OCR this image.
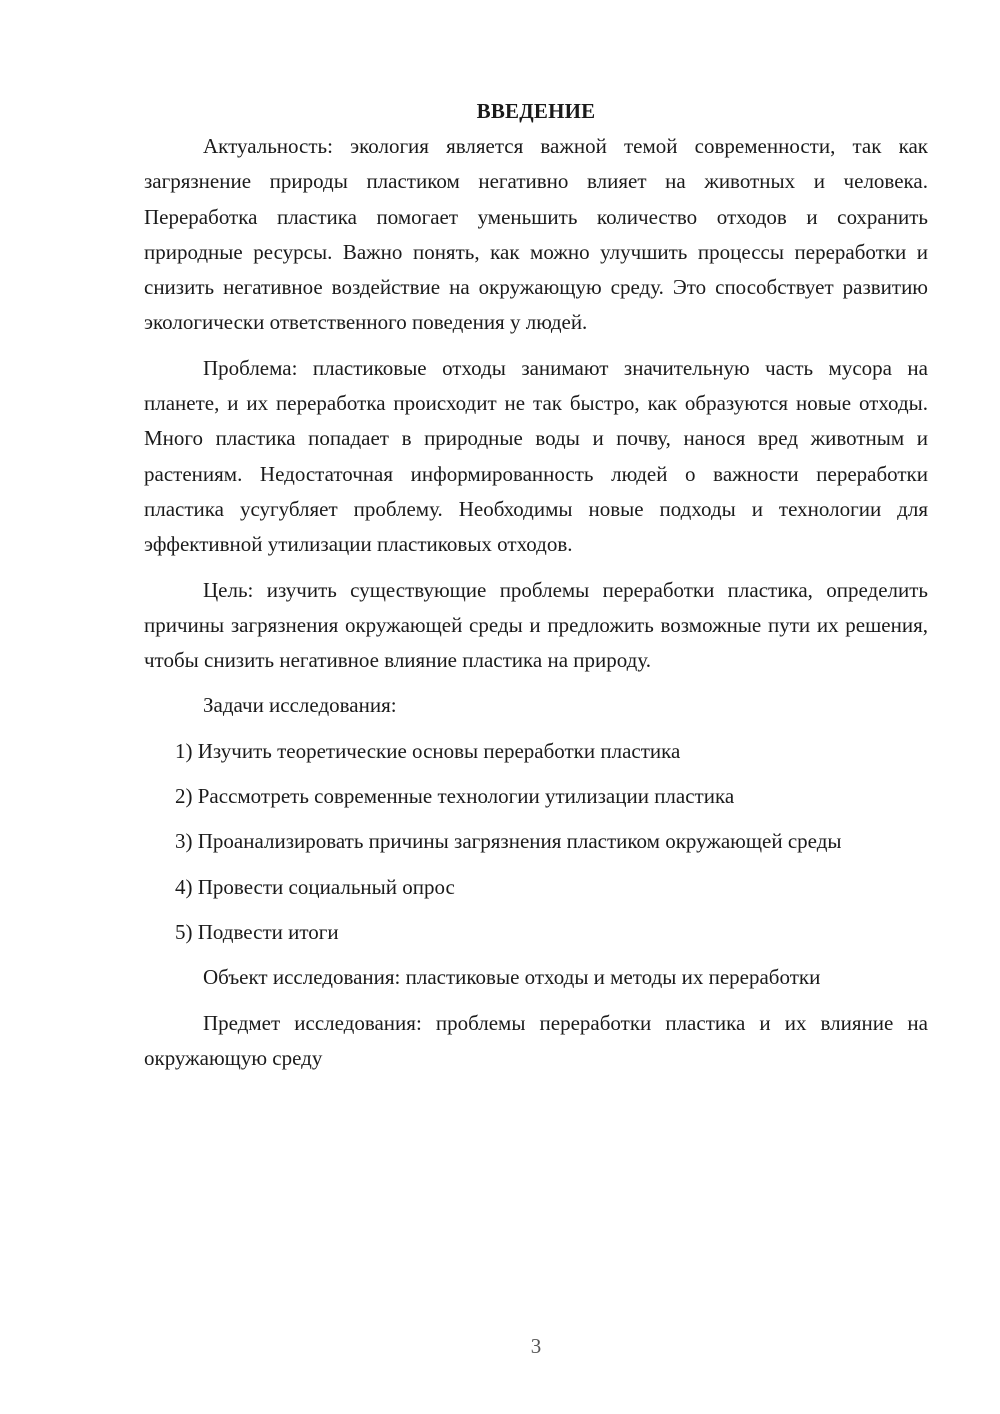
ВВЕДЕНИЕ

Актуальность: экология является важной темой современности, так как загрязнение природы пластиком негативно влияет на животных и человека. Переработка пластика помогает уменьшить количество отходов и сохранить природные ресурсы. Важно понять, как можно улучшить процессы переработки и снизить негативное воздействие на окружающую среду. Это способствует развитию экологически ответственного поведения у людей.

Проблема: пластиковые отходы занимают значительную часть мусора на планете, и их переработка происходит не так быстро, как образуются новые отходы. Много пластика попадает в природные воды и почву, нанося вред животным и растениям. Недостаточная информированность людей о важности переработки пластика усугубляет проблему. Необходимы новые подходы и технологии для эффективной утилизации пластиковых отходов.

Цель: изучить существующие проблемы переработки пластика, определить причины загрязнения окружающей среды и предложить возможные пути их решения, чтобы снизить негативное влияние пластика на природу.

Задачи исследования:

1) Изучить теоретические основы переработки пластика

2) Рассмотреть современные технологии утилизации пластика

3) Проанализировать причины загрязнения пластиком окружающей среды

4) Провести социальный опрос

5) Подвести итоги

Объект исследования: пластиковые отходы и методы их переработки

Предмет исследования: проблемы переработки пластика и их влияние на окружающую среду

3
